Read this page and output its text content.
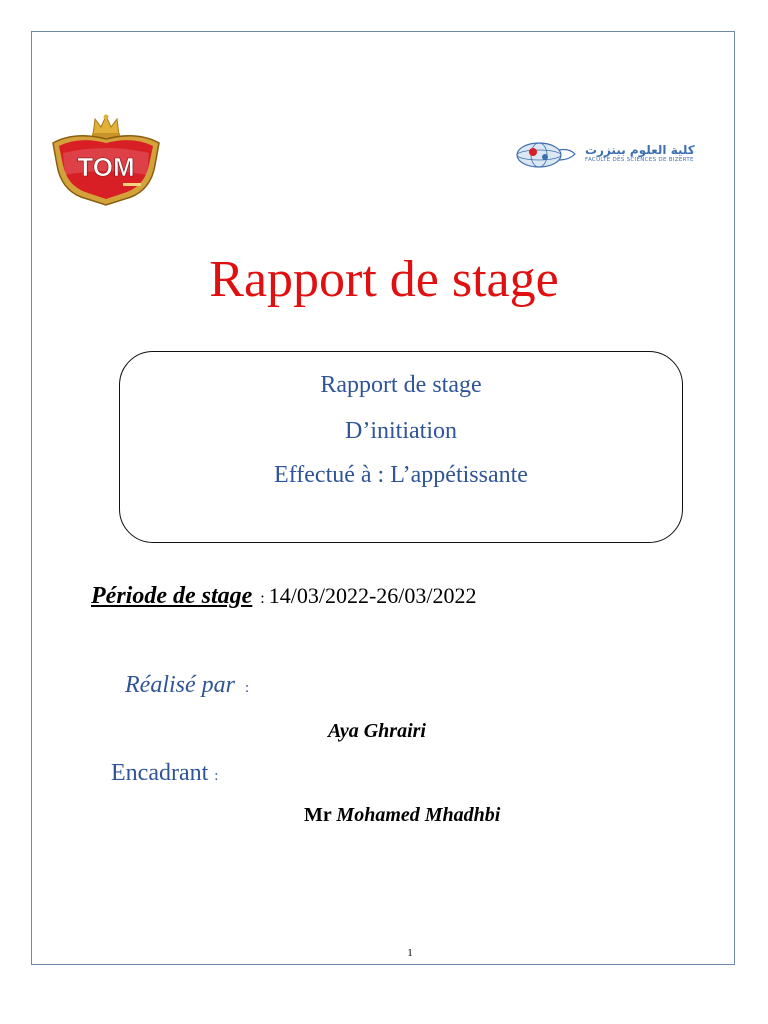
TOM
كلية العلوم ببنزرت
FACULTE DES SCIENCES DE BIZERTE
Rapport de stage
Rapport de stage
D’initiation
Effectué à : L’appétissante
Période de stage : 14/03/2022-26/03/2022
Réalisé par :
Aya Ghrairi
Encadrant :
Mr Mohamed Mhadhbi
1
